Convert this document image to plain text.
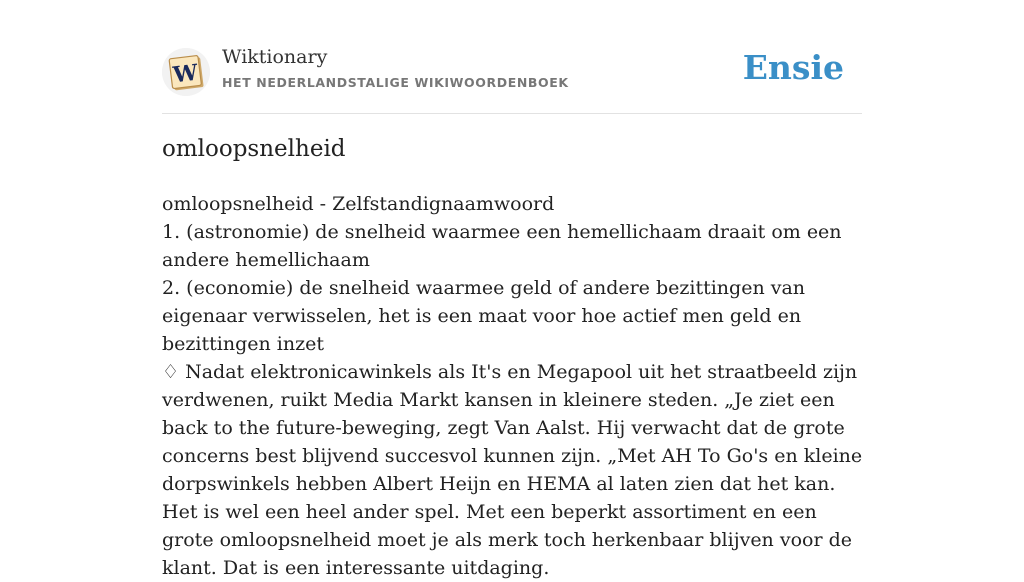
W
Wiktionary
HET NEDERLANDSTALIGE WIKIWOORDENBOEK	Ensie
omloopsnelheid

omloopsnelheid - Zelfstandignaamwoord

1. (astronomie) de snelheid waarmee een hemellichaam draait om een andere hemellichaam

2. (economie) de snelheid waarmee geld of andere bezittingen van eigenaar verwisselen, het is een maat voor hoe actief men geld en bezittingen inzet

♢ Nadat elektronicawinkels als It's en Megapool uit het straatbeeld zijn verdwenen, ruikt Media Markt kansen in kleinere steden. „Je ziet een back to the future-beweging, zegt Van Aalst. Hij verwacht dat de grote concerns best blijvend succesvol kunnen zijn. „Met AH To Go's en kleine dorpswinkels hebben Albert Heijn en HEMA al laten zien dat het kan. Het is wel een heel ander spel. Met een beperkt assortiment en een grote omloopsnelheid moet je als merk toch herkenbaar blijven voor de klant. Dat is een interessante uitdaging.
